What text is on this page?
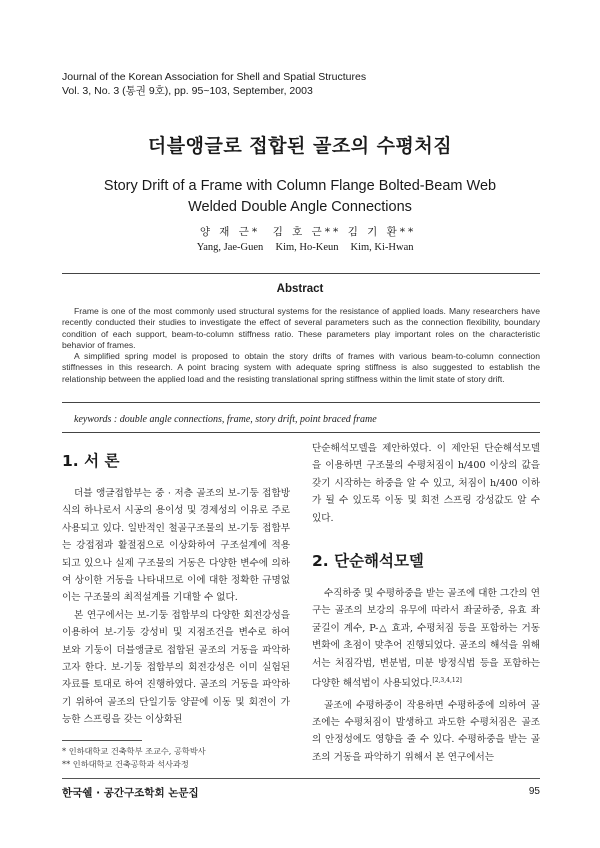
Journal of the Korean Association for Shell and Spatial Structures
Vol. 3, No. 3 (통권 9호), pp. 95~103, September, 2003
더블앵글로 접합된 골조의 수평처짐
Story Drift of a Frame with Column Flange Bolted-Beam Web
Welded Double Angle Connections
양 재 근*
Yang, Jae-Guen
김 호 근**
Kim, Ho-Keun
김 기 환**
Kim, Ki-Hwan
Abstract

Frame is one of the most commonly used structural systems for the resistance of applied loads. Many researchers have recently conducted their studies to investigate the effect of several parameters such as the connection flexibility, boundary condition of each support, beam-to-column stiffness ratio. These parameters play important roles on the characteristic behavior of frames.

A simplified spring model is proposed to obtain the story drifts of frames with various beam-to-column connection stiffnesses in this research. A point bracing system with adequate spring stiffness is also suggested to establish the relationship between the applied load and the resisting translational spring stiffness within the limit state of story drift.

keywords : double angle connections, frame, story drift, point braced frame
1. 서 론

더블 앵글접합부는 중 · 저층 골조의 보-기둥 접합방식의 하나로서 시공의 용이성 및 경제성의 이유로 주로 사용되고 있다. 일반적인 철골구조물의 보-기둥 접합부는 강접점과 활절점으로 이상화하여 구조설계에 적용되고 있으나 실제 구조물의 거동은 다양한 변수에 의하여 상이한 거동을 나타내므로 이에 대한 정확한 규명없이는 구조물의 최적설계를 기대할 수 없다.

본 연구에서는 보-기둥 접합부의 다양한 회전강성을 이용하여 보-기둥 강성비 및 지점조건을 변수로 하여 보와 기둥이 더블앵글로 접합된 골조의 거동을 파악하고자 한다. 보-기둥 접합부의 회전강성은 이미 실험된 자료를 토대로 하여 진행하였다. 골조의 거동을 파악하기 위하여 골조의 단일기둥 양끝에 이동 및 회전이 가능한 스프링을 갖는 이상화된

단순해석모델을 제안하였다. 이 제안된 단순해석모델을 이용하면 구조물의 수평처짐이 h/400 이상의 값을 갖기 시작하는 하중을 알 수 있고, 처짐이 h/400 이하가 될 수 있도록 이동 및 회전 스프링 강성값도 알 수 있다.

2. 단순해석모델

수직하중 및 수평하중을 받는 골조에 대한 그간의 연구는 골조의 보강의 유무에 따라서 좌굴하중, 유효 좌굴길이 계수, P-△ 효과, 수평처짐 등을 포함하는 거동 변화에 초점이 맞추어 진행되었다. 골조의 해석을 위해서는 처짐각법, 변분법, 미분 방정식법 등을 포함하는 다양한 해석법이 사용되었다.[2,3,4,12]

골조에 수평하중이 작용하면 수평하중에 의하여 골조에는 수평처짐이 발생하고 과도한 수평처짐은 골조의 안정성에도 영향을 줄 수 있다. 수평하중을 받는 골조의 거동을 파악하기 위해서 본 연구에서는

* 인하대학교 건축학부 조교수, 공학박사
** 인하대학교 건축공학과 석사과정
한국쉘 · 공간구조학회 논문집	95
